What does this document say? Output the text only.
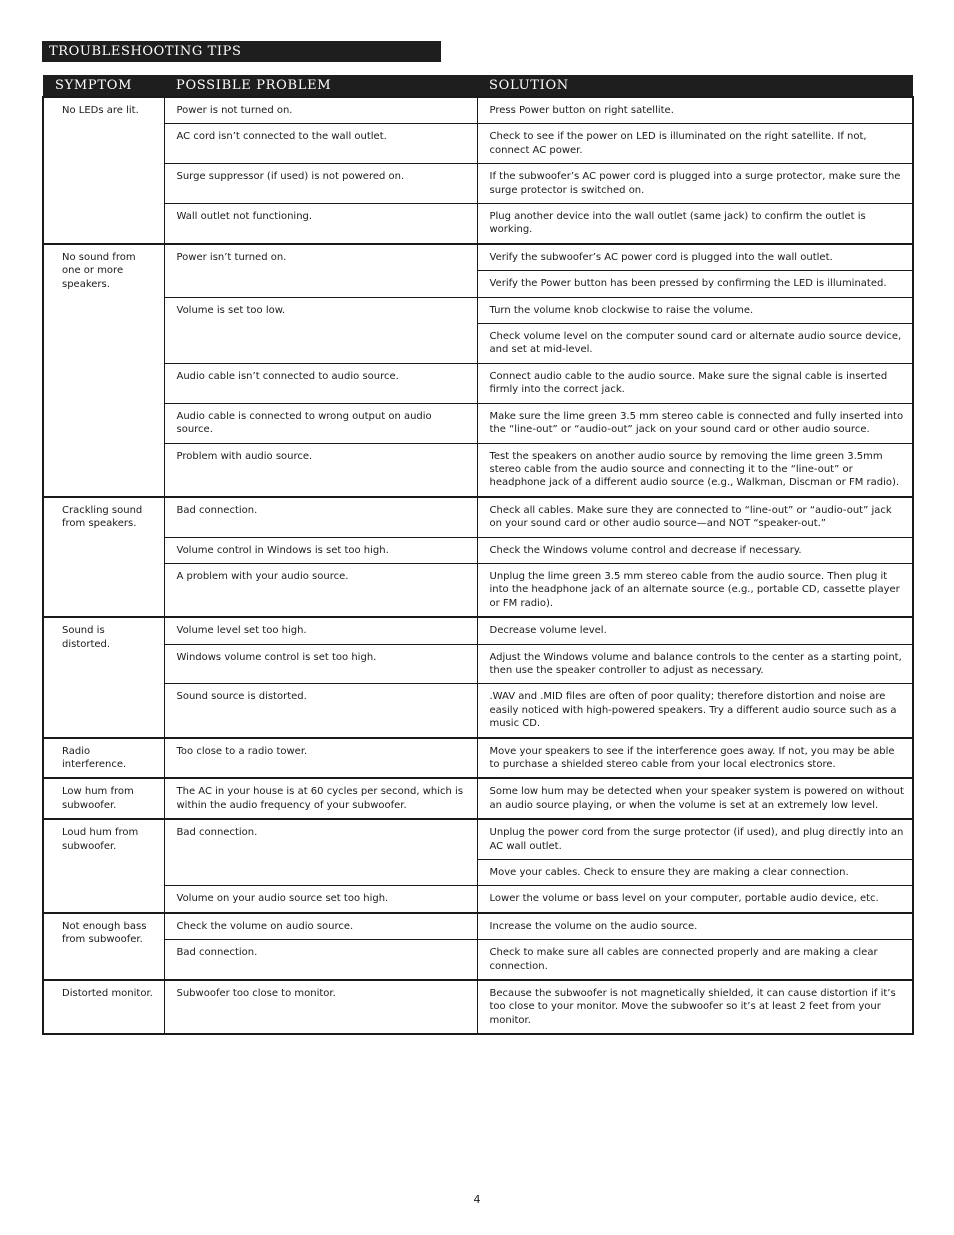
TROUBLESHOOTING TIPS
SYMPTOM	POSSIBLE PROBLEM	SOLUTION
No LEDs are lit.	Power is not turned on.	Press Power button on right satellite.
	AC cord isn’t connected to the wall outlet.	Check to see if the power on LED is illuminated on the right satellite. If not, connect AC power.
	Surge suppressor (if used) is not powered on.	If the subwoofer’s AC power cord is plugged into a surge protector, make sure the surge protector is switched on.
	Wall outlet not functioning.	Plug another device into the wall outlet (same jack) to confirm the outlet is working.
No sound from one or more speakers.	Power isn’t turned on.	Verify the subwoofer’s AC power cord is plugged into the wall outlet.
		Verify the Power button has been pressed by confirming the LED is illuminated.
	Volume is set too low.	Turn the volume knob clockwise to raise the volume.
		Check volume level on the computer sound card or alternate audio source device, and set at mid-level.
	Audio cable isn’t connected to audio source.	Connect audio cable to the audio source. Make sure the signal cable is inserted firmly into the correct jack.
	Audio cable is connected to wrong output on audio source.	Make sure the lime green 3.5 mm stereo cable is connected and fully inserted into the “line-out” or “audio-out” jack on your sound card or other audio source.
	Problem with audio source.	Test the speakers on another audio source by removing the lime green 3.5mm stereo cable from the audio source and connecting it to the “line-out” or headphone jack of a different audio source (e.g., Walkman, Discman or FM radio).
Crackling sound from speakers.	Bad connection.	Check all cables. Make sure they are connected to “line-out” or “audio-out” jack on your sound card or other audio source—and NOT “speaker-out.”
	Volume control in Windows is set too high.	Check the Windows volume control and decrease if necessary.
	A problem with your audio source.	Unplug the lime green 3.5 mm stereo cable from the audio source. Then plug it into the headphone jack of an alternate source (e.g., portable CD, cassette player or FM radio).
Sound is distorted.	Volume level set too high.	Decrease volume level.
	Windows volume control is set too high.	Adjust the Windows volume and balance controls to the center as a starting point, then use the speaker controller to adjust as necessary.
	Sound source is distorted.	.WAV and .MID files are often of poor quality; therefore distortion and noise are easily noticed with high-powered speakers. Try a different audio source such as a music CD.
Radio interference.	Too close to a radio tower.	Move your speakers to see if the interference goes away. If not, you may be able to purchase a shielded stereo cable from your local electronics store.
Low hum from subwoofer.	The AC in your house is at 60 cycles per second, which is within the audio frequency of your subwoofer.	Some low hum may be detected when your speaker system is powered on without an audio source playing, or when the volume is set at an extremely low level.
Loud hum from subwoofer.	Bad connection.	Unplug the power cord from the surge protector (if used), and plug directly into an AC wall outlet.
		Move your cables. Check to ensure they are making a clear connection.
	Volume on your audio source set too high.	Lower the volume or bass level on your computer, portable audio device, etc.
Not enough bass from subwoofer.	Check the volume on audio source.	Increase the volume on the audio source.
	Bad connection.	Check to make sure all cables are connected properly and are making a clear connection.
Distorted monitor.	Subwoofer too close to monitor.	Because the subwoofer is not magnetically shielded, it can cause distortion if it’s too close to your monitor. Move the subwoofer so it’s at least 2 feet from your monitor.
4
